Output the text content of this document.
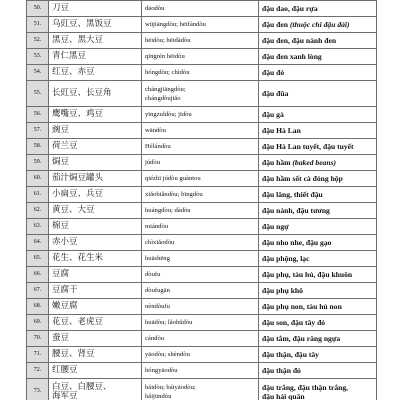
50.	刀豆	dāodòu	đậu dao, đậu rựa
51.	乌豇豆、黑饭豆	wūjiāngdòu; hēifàndòu	đậu đen (thuộc chi đậu đải)
52.	黑豆、黑大豆	hēidòu; hēidàdòu	đậu đen, đậu nành đen
53.	青仁黑豆	qīngrén hēidòu	đậu đen xanh lòng
54.	红豆、赤豆	hóngdòu; chìdòu	đậu đỏ
55.	长豇豆、长豆角	chángjiāngdòu;
chángdòujiǎo	đậu đũa
56.	鹰嘴豆、鸡豆	yīngzuǐdòu; jīdòu	đậu gà
57.	豌豆	wāndòu	đậu Hà Lan
58.	荷兰豆	Hélándòu	đậu Hà Lan tuyết, đậu tuyết
59.	焗豆	júdòu	đậu hầm (baked beans)
60.	茄汁焗豆罐头	qiézhī júdòu guàntou	đậu hầm sốt cà đóng hộp
61.	小扁豆、兵豆	xiǎobiǎndòu; bīngdòu	đậu lăng, thiết đậu
62.	黄豆、大豆	huángdòu; dàdòu	đậu nành, đậu tương
63.	棉豆	miándòu	đậu ngự
64.	赤小豆	chìxiǎodòu	đậu nho nhe, đậu gạo
65.	花生、花生米	huāshēng	đậu phộng, lạc
66.	豆腐	dòufu	đậu phụ, tàu hủ, đậu khuôn
67.	豆腐干	dòufugān	đậu phụ khô
68.	嫩豆腐	nèndòufu	đậu phụ non, tàu hủ non
69.	花豆、老虎豆	huādòu; lǎohǔdòu	đậu son, đậu tây đỏ
70.	蚕豆	cándòu	đậu tằm, đậu răng ngựa
71.	腰豆、肾豆	yāodòu; shèndòu	đậu thận, đậu tây
72.	红腰豆	hóngyāodòu	đậu thận đỏ
73.	白豆、白腰豆、
海军豆	báidòu; báiyāodòu;
hǎijūndòu	đậu trắng, đậu thận trắng,
đậu hải quân
